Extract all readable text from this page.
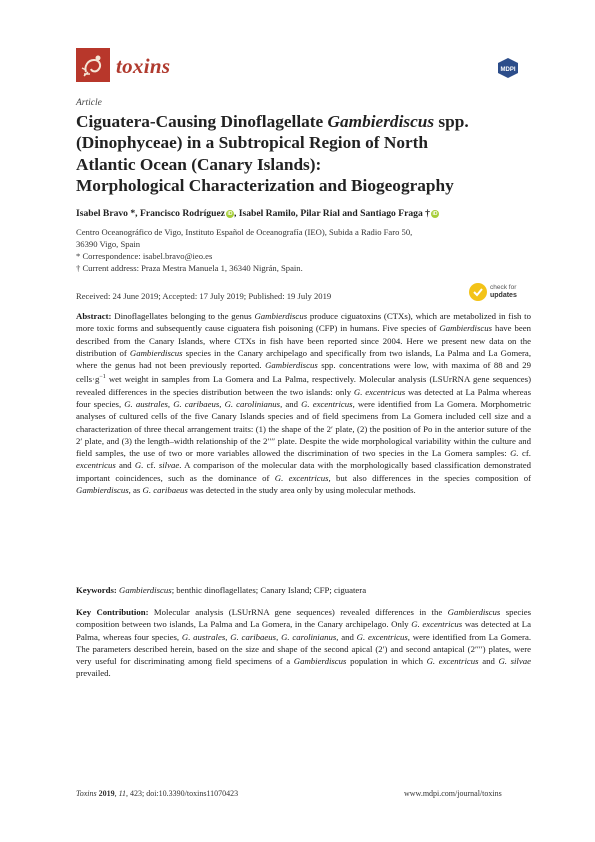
toxins	MDPI
Article
Ciguatera-Causing Dinoflagellate Gambierdiscus spp.
(Dinophyceae) in a Subtropical Region of North
Atlantic Ocean (Canary Islands):
Morphological Characterization and Biogeography
Isabel Bravo *, Francisco Rodríguez iD , Isabel Ramilo, Pilar Rial and Santiago Fraga † iD
Centro Oceanográfico de Vigo, Instituto Español de Oceanografía (IEO), Subida a Radio Faro 50,
36390 Vigo, Spain
* Correspondence: isabel.bravo@ieo.es
† Current address: Praza Mestra Manuela 1, 36340 Nigrán, Spain.
check for
updates
Received: 24 June 2019; Accepted: 17 July 2019; Published: 19 July 2019
Abstract: Dinoflagellates belonging to the genus Gambierdiscus produce ciguatoxins (CTXs), which are metabolized in fish to more toxic forms and subsequently cause ciguatera fish poisoning (CFP) in humans. Five species of Gambierdiscus have been described from the Canary Islands, where CTXs in fish have been reported since 2004. Here we present new data on the distribution of Gambierdiscus species in the Canary archipelago and specifically from two islands, La Palma and La Gomera, where the genus had not been previously reported. Gambierdiscus spp. concentrations were low, with maxima of 88 and 29 $cells\cdot g^{-1}$ wet weight in samples from La Gomera and La Palma, respectively. Molecular analysis (LSUrRNA gene sequences) revealed differences in the species distribution between the two islands: only G. excentricus was detected at La Palma whereas four species, G. australes, G. caribaeus, G. carolinianus, and G. excentricus, were identified from La Gomera. Morphometric analyses of cultured cells of the five Canary Islands species and of field specimens from La Gomera included cell size and a characterization of three thecal arrangement traits: (1) the shape of the 2′ plate, (2) the position of Po in the anterior suture of the 2′ plate, and (3) the length–width relationship of the 2′′′′ plate. Despite the wide morphological variability within the culture and field samples, the use of two or more variables allowed the discrimination of two species in the La Gomera samples: G. cf. excentricus and G. cf. silvae. A comparison of the molecular data with the morphologically based classification demonstrated important coincidences, such as the dominance of G. excentricus, but also differences in the species composition of Gambierdiscus, as G. caribaeus was detected in the study area only by using molecular methods.
Keywords: Gambierdiscus; benthic dinoflagellates; Canary Island; CFP; ciguatera
Key Contribution: Molecular analysis (LSUrRNA gene sequences) revealed differences in the Gambierdiscus species composition between two islands, La Palma and La Gomera, in the Canary archipelago. Only G. excentricus was detected at La Palma, whereas four species, G. australes, G. caribaeus, G. carolinianus, and G. excentricus, were identified from La Gomera. The parameters described herein, based on the size and shape of the second apical (2′) and second antapical (2′′′′) plates, were very useful for discriminating among field specimens of a Gambierdiscus population in which G. excentricus and G. silvae prevailed.
Toxins 2019, 11, 423; doi:10.3390/toxins11070423	www.mdpi.com/journal/toxins
